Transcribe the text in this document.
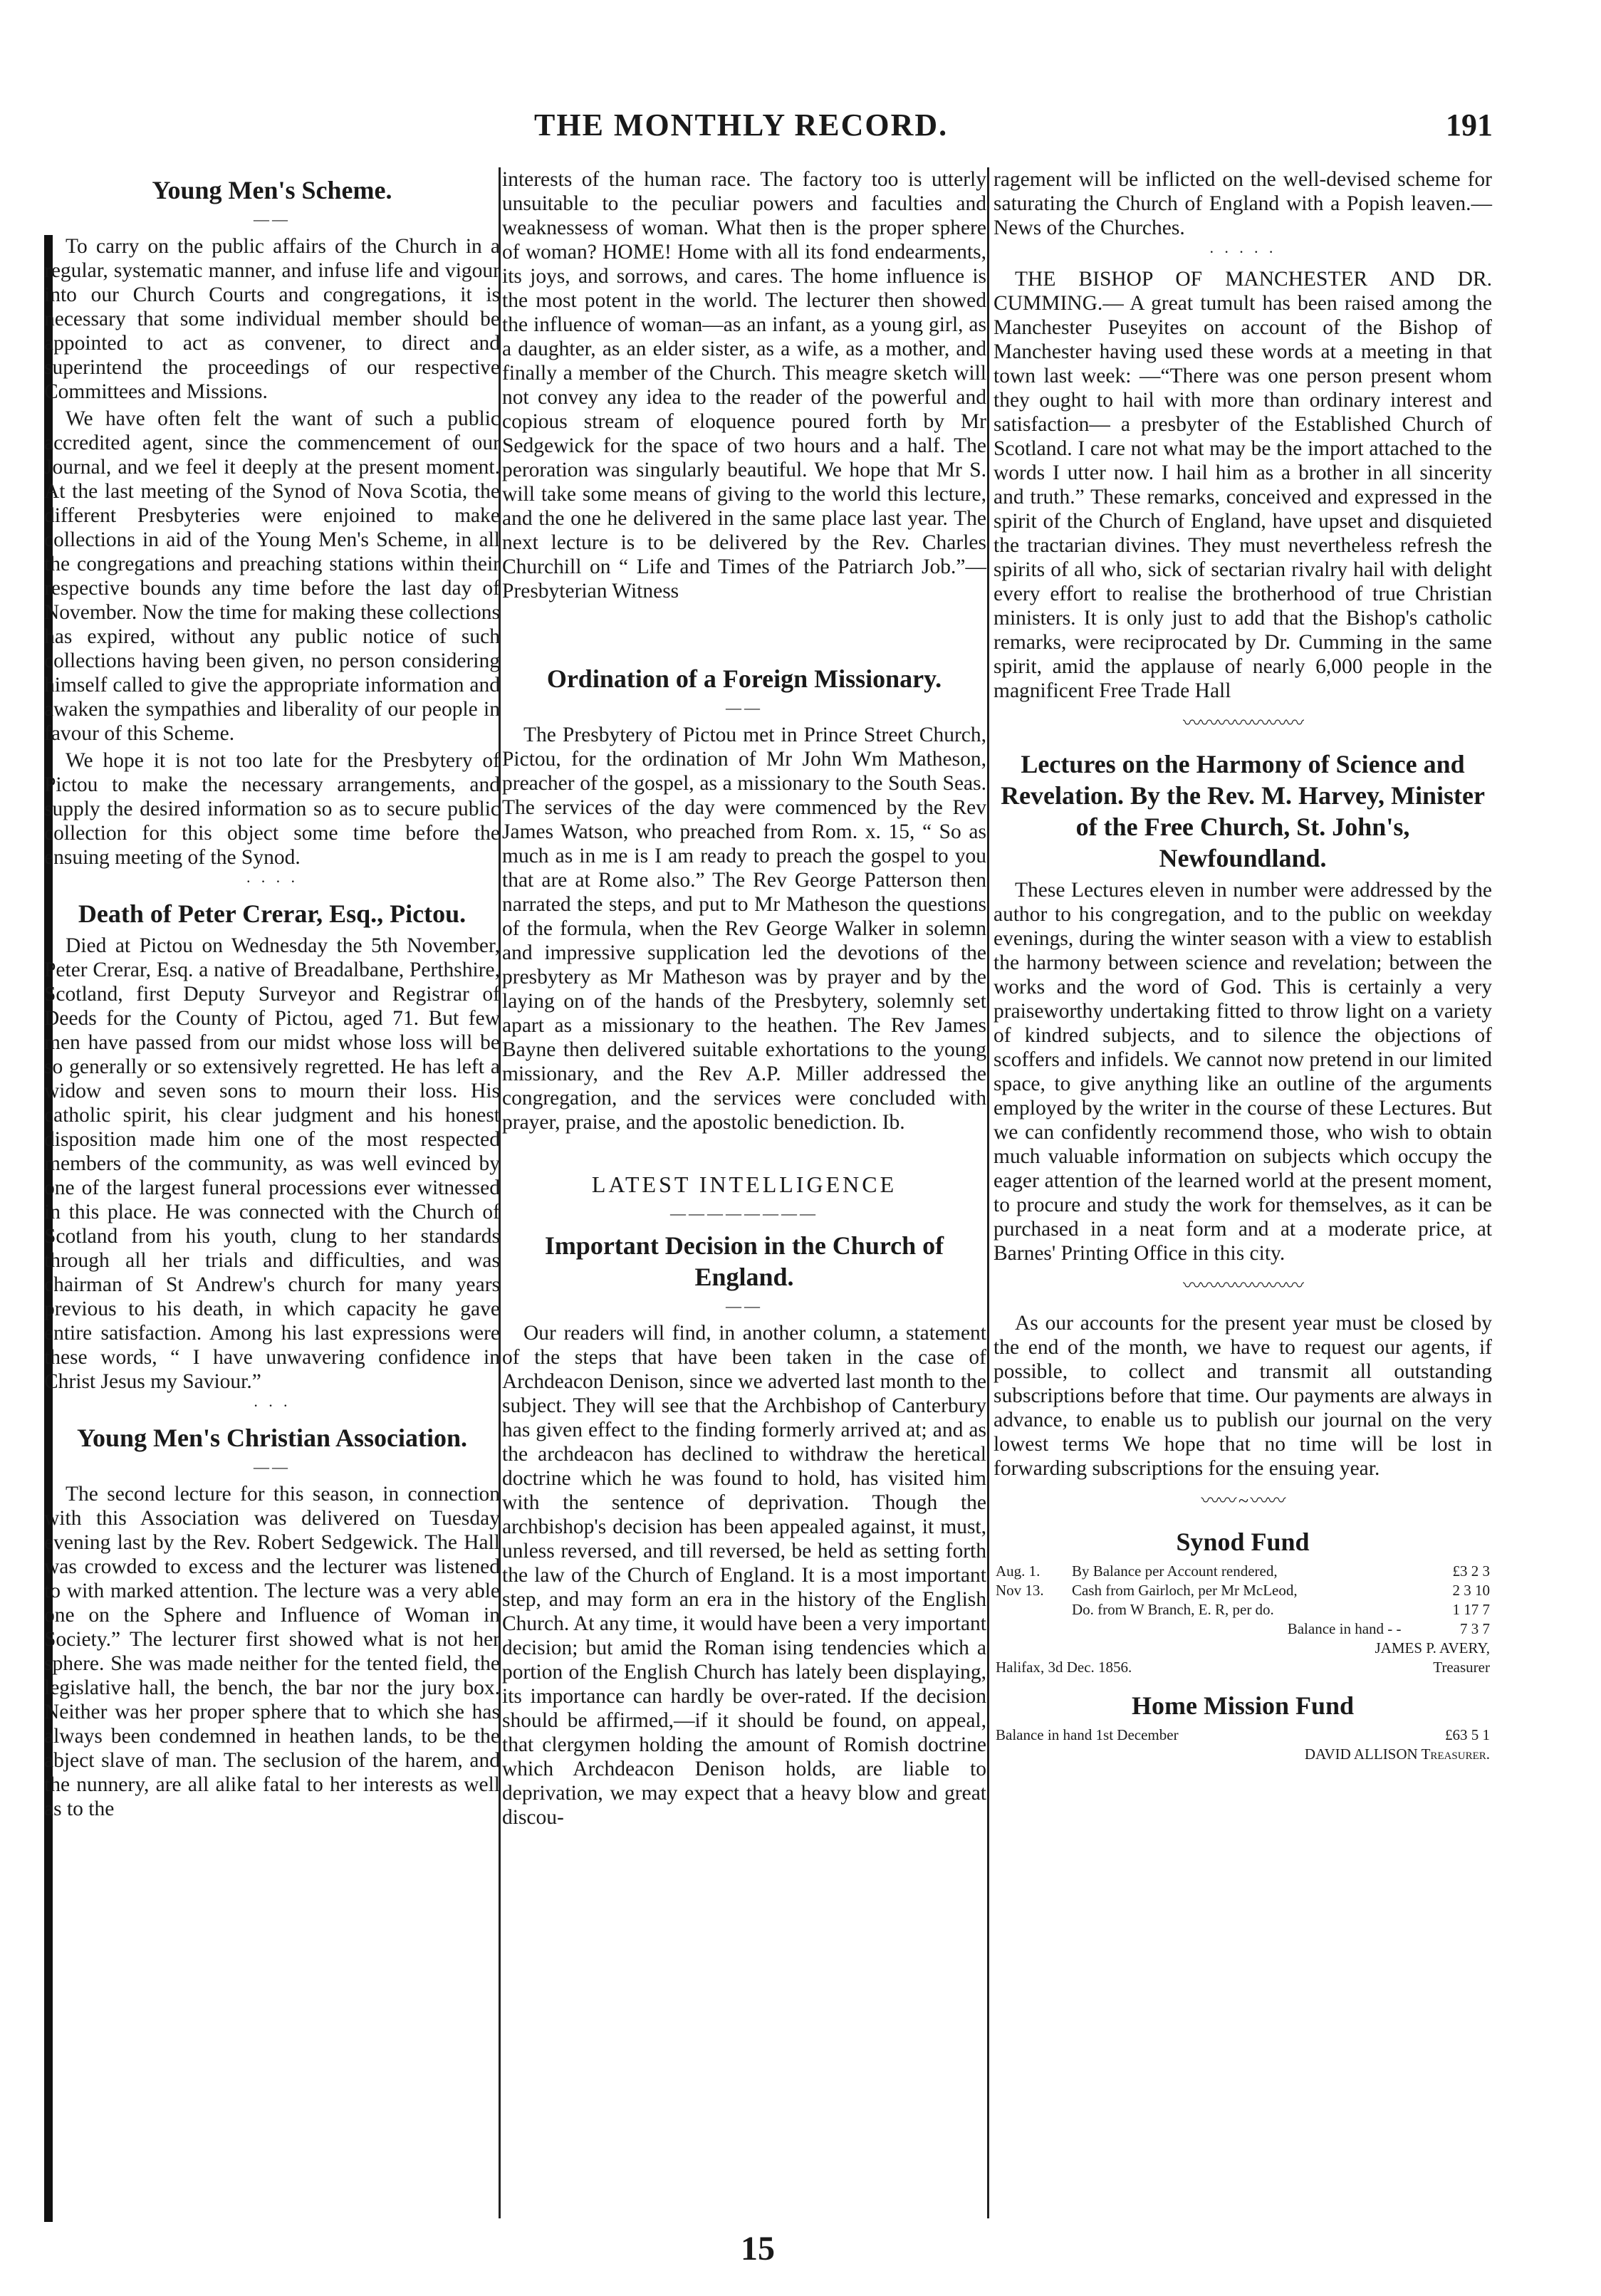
THE MONTHLY RECORD.	191
Young Men's Scheme.
——

To carry on the public affairs of the Church in a regular, systematic manner, and infuse life and vigour into our Church Courts and congregations, it is necessary that some individual member should be appointed to act as convener, to direct and superintend the proceedings of our respective Committees and Missions.

We have often felt the want of such a public accredited agent, since the commencement of our Journal, and we feel it deeply at the present moment. At the last meeting of the Synod of Nova Scotia, the different Presbyteries were enjoined to make collections in aid of the Young Men's Scheme, in all the congregations and preaching stations within their respective bounds any time before the last day of November. Now the time for making these collections has expired, without any public notice of such collections having been given, no person considering himself called to give the appropriate information and awaken the sympathies and liberality of our people in favour of this Scheme.

We hope it is not too late for the Presbytery of Pictou to make the necessary arrangements, and supply the desired information so as to secure public collection for this object some time before the ensuing meeting of the Synod.

· · · ·
Death of Peter Crerar, Esq., Pictou.

Died at Pictou on Wednesday the 5th November, Peter Crerar, Esq. a native of Breadalbane, Perthshire, Scotland, first Deputy Surveyor and Registrar of Deeds for the County of Pictou, aged 71. But few men have passed from our midst whose loss will be so generally or so extensively regretted. He has left a widow and seven sons to mourn their loss. His catholic spirit, his clear judgment and his honest disposition made him one of the most respected members of the community, as was well evinced by one of the largest funeral processions ever witnessed in this place. He was connected with the Church of Scotland from his youth, clung to her standards through all her trials and difficulties, and was chairman of St Andrew's church for many years previous to his death, in which capacity he gave entire satisfaction. Among his last expressions were these words, “ I have unwavering confidence in Christ Jesus my Saviour.”

· · ·
Young Men's Christian Association.
——

The second lecture for this season, in connection with this Association was delivered on Tuesday evening last by the Rev. Robert Sedgewick. The Hall was crowded to excess and the lecturer was listened to with marked attention. The lecture was a very able one on the Sphere and Influence of Woman in Society.” The lecturer first showed what is not her sphere. She was made neither for the tented field, the legislative hall, the bench, the bar nor the jury box. Neither was her proper sphere that to which she has always been condemned in heathen lands, to be the abject slave of man. The seclusion of the harem, and the nunnery, are all alike fatal to her interests as well as to the

interests of the human race. The factory too is utterly unsuitable to the peculiar powers and faculties and weaknessess of woman. What then is the proper sphere of woman? HOME! Home with all its fond endearments, its joys, and sorrows, and cares. The home influence is the most potent in the world. The lecturer then showed the influence of woman—as an infant, as a young girl, as a daughter, as an elder sister, as a wife, as a mother, and finally a member of the Church. This meagre sketch will not convey any idea to the reader of the powerful and copious stream of eloquence poured forth by Mr Sedgewick for the space of two hours and a half. The peroration was singularly beautiful. We hope that Mr S. will take some means of giving to the world this lecture, and the one he delivered in the same place last year. The next lecture is to be delivered by the Rev. Charles Churchill on “ Life and Times of the Patriarch Job.”—Presbyterian Witness

Ordination of a Foreign Missionary.
——

The Presbytery of Pictou met in Prince Street Church, Pictou, for the ordination of Mr John Wm Matheson, preacher of the gospel, as a missionary to the South Seas. The services of the day were commenced by the Rev James Watson, who preached from Rom. x. 15, “ So as much as in me is I am ready to preach the gospel to you that are at Rome also.” The Rev George Patterson then narrated the steps, and put to Mr Matheson the questions of the formula, when the Rev George Walker in solemn and impressive supplication led the devotions of the presbytery as Mr Matheson was by prayer and by the laying on of the hands of the Presbytery, solemnly set apart as a missionary to the heathen. The Rev James Bayne then delivered suitable exhortations to the young missionary, and the Rev A.P. Miller addressed the congregation, and the services were concluded with prayer, praise, and the apostolic benediction. Ib.

LATEST INTELLIGENCE
————————
Important Decision in the Church of England.
——

Our readers will find, in another column, a statement of the steps that have been taken in the case of Archdeacon Denison, since we adverted last month to the subject. They will see that the Archbishop of Canterbury has given effect to the finding formerly arrived at; and as the archdeacon has declined to withdraw the heretical doctrine which he was found to hold, has visited him with the sentence of deprivation. Though the archbishop's decision has been appealed against, it must, unless reversed, and till reversed, be held as setting forth the law of the Church of England. It is a most important step, and may form an era in the history of the English Church. At any time, it would have been a very important decision; but amid the Roman ising tendencies which a portion of the English Church has lately been displaying, its importance can hardly be over-rated. If the decision should be affirmed,—if it should be found, on appeal, that clergymen holding the amount of Romish doctrine which Archdeacon Denison holds, are liable to deprivation, we may expect that a heavy blow and great discou-

ragement will be inflicted on the well-devised scheme for saturating the Church of England with a Popish leaven.—News of the Churches.

· · · · ·

THE BISHOP OF MANCHESTER AND DR. CUMMING.— A great tumult has been raised among the Manchester Puseyites on account of the Bishop of Manchester having used these words at a meeting in that town last week: —“There was one person present whom they ought to hail with more than ordinary interest and satisfaction— a presbyter of the Established Church of Scotland. I care not what may be the import attached to the words I utter now. I hail him as a brother in all sincerity and truth.” These remarks, conceived and expressed in the spirit of the Church of England, have upset and disquieted the tractarian divines. They must nevertheless refresh the spirits of all who, sick of sectarian rivalry hail with delight every effort to realise the brotherhood of true Christian ministers. It is only just to add that the Bishop's catholic remarks, were reciprocated by Dr. Cumming in the same spirit, amid the applause of nearly 6,000 people in the magnificent Free Trade Hall

〰〰〰〰〰〰〰
Lectures on the Harmony of Science and Revelation. By the Rev. M. Harvey, Minister of the Free Church, St. John's, Newfoundland.

These Lectures eleven in number were addressed by the author to his congregation, and to the public on weekday evenings, during the winter season with a view to establish the harmony between science and revelation; between the works and the word of God. This is certainly a very praiseworthy undertaking fitted to throw light on a variety of kindred subjects, and to silence the objections of scoffers and infidels. We cannot now pretend in our limited space, to give anything like an outline of the arguments employed by the writer in the course of these Lectures. But we can confidently recommend those, who wish to obtain much valuable information on subjects which occupy the eager attention of the learned world at the present moment, to procure and study the work for themselves, as it can be purchased in a neat form and at a moderate price, at Barnes' Printing Office in this city.

〰〰〰〰〰〰〰

As our accounts for the present year must be closed by the end of the month, we have to request our agents, if possible, to collect and transmit all outstanding subscriptions before that time. Our payments are always in advance, to enable us to publish our journal on the very lowest terms We hope that no time will be lost in forwarding subscriptions for the ensuing year.

〰〰 ~ 〰〰
Synod Fund
Aug. 1.	By Balance per Account rendered,	£3 2 3
Nov 13.	Cash from Gairloch, per Mr McLeod,	2 3 10
	Do. from W Branch, E. R, per do.	1 17 7
	Balance in hand - -	7 3 7
	JAMES P. AVERY,	
Halifax, 3d Dec. 1856.		Treasurer
Home Mission Fund
Balance in hand 1st December	£63 5 1
DAVID ALLISON Treasurer.
15
